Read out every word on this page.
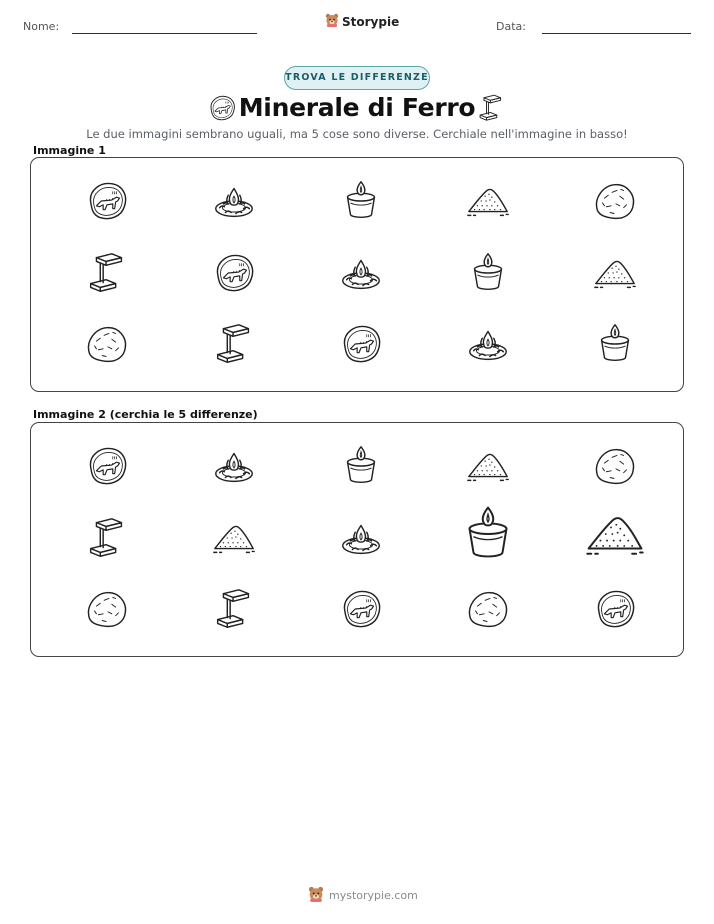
Nome:	Storypie	Data:
TROVA LE DIFFERENZE
Minerale di Ferro
Le due immagini sembrano uguali, ma 5 cose sono diverse. Cerchiale nell'immagine in basso!
Immagine 1
Immagine 2 (cerchia le 5 differenze)
mystorypie.com
